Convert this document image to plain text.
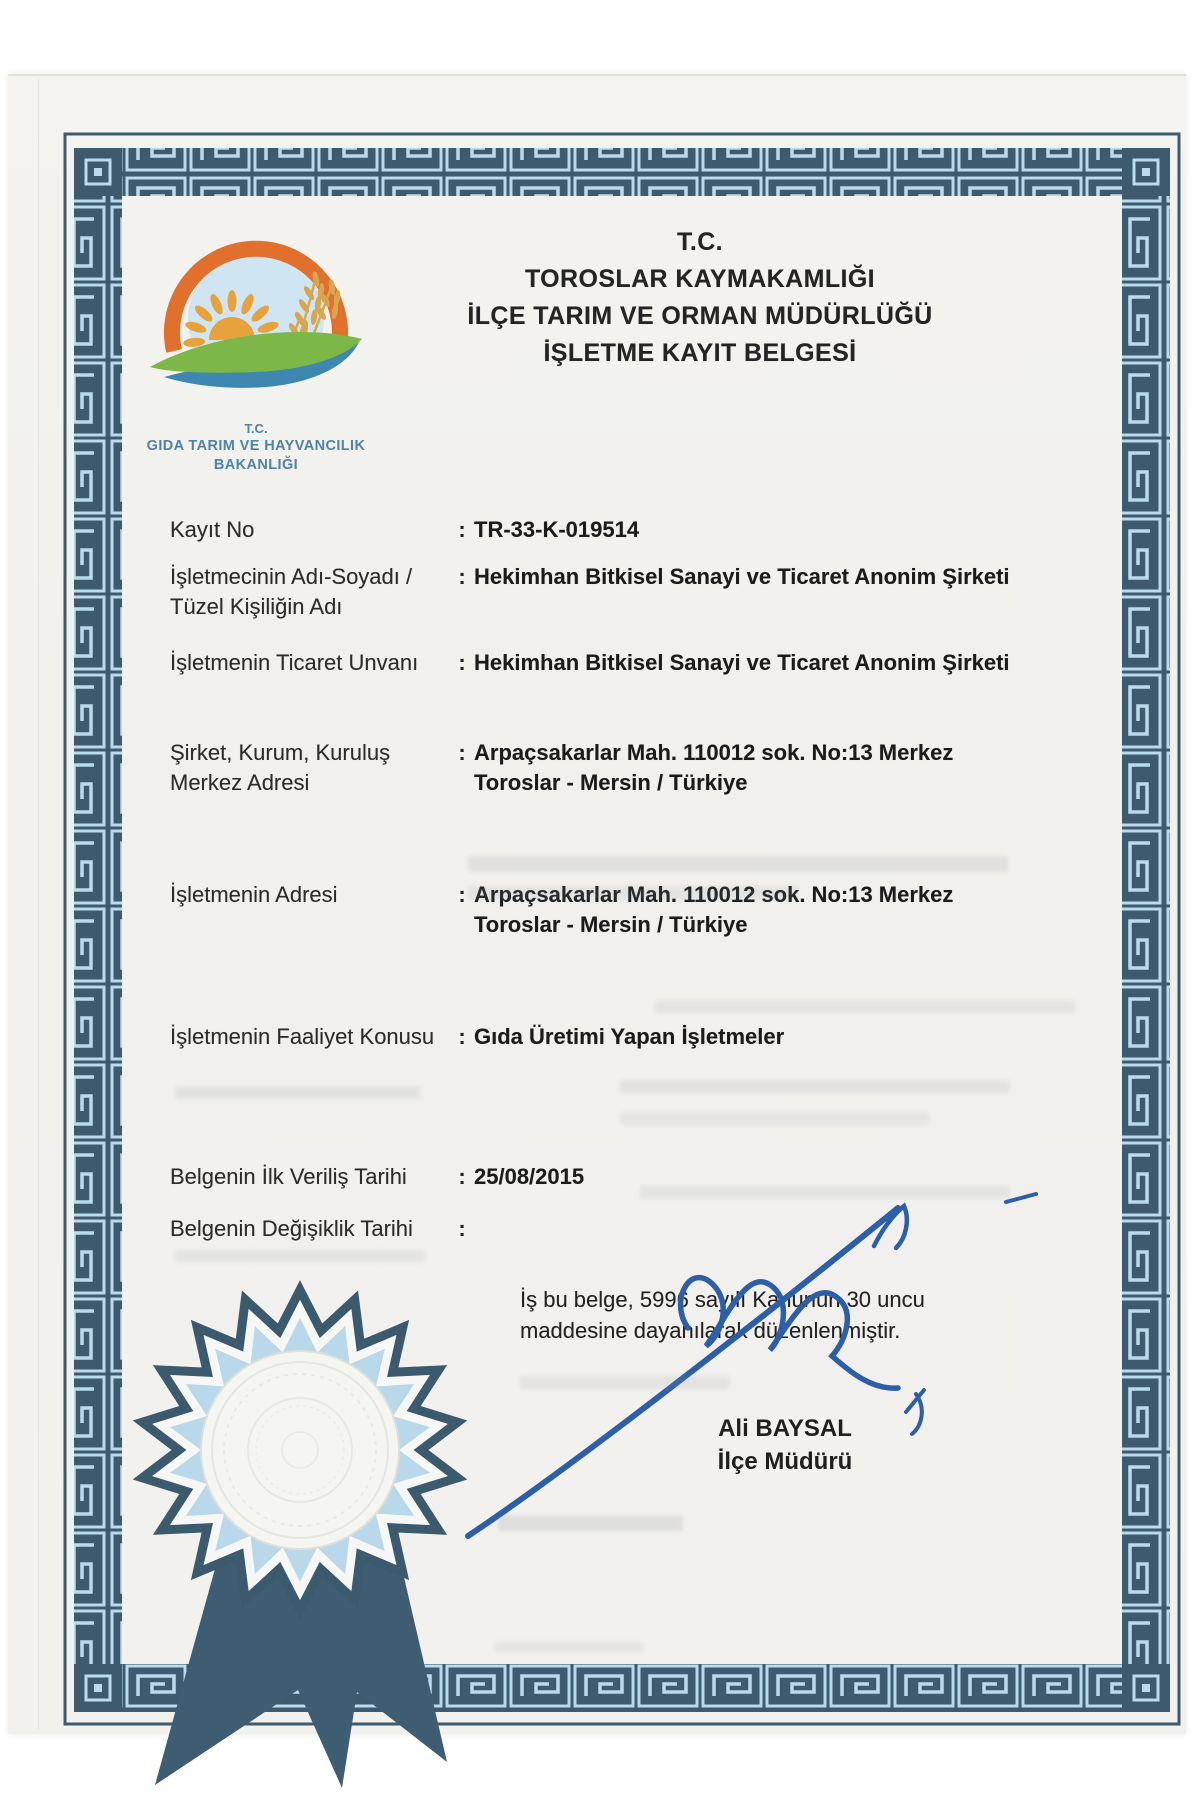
T.C.
GIDA TARIM VE HAYVANCILIK
BAKANLIĞI
T.C.
TOROSLAR KAYMAKAMLIĞI
İLÇE TARIM VE ORMAN MÜDÜRLÜĞÜ
İŞLETME KAYIT BELGESİ
Kayıt No	: TR-33-K-019514
İşletmecinin Adı-Soyadı / Tüzel Kişiliğin Adı
: Hekimhan Bitkisel Sanayi ve Ticaret Anonim Şirketi
İşletmenin Ticaret Unvanı	: Hekimhan Bitkisel Sanayi ve Ticaret Anonim Şirketi
Şirket, Kurum, Kuruluş Merkez Adresi
: Arpaçsakarlar Mah. 110012 sok. No:13 Merkez Toroslar - Mersin / Türkiye
İşletmenin Adresi	: Arpaçsakarlar Mah. 110012 sok. No:13 Merkez Toroslar - Mersin / Türkiye
İşletmenin Faaliyet Konusu	: Gıda Üretimi Yapan İşletmeler
Belgenin İlk Veriliş Tarihi	: 25/08/2015
Belgenin Değişiklik Tarihi	:
İş bu belge, 5996 sayılı Kanunun 30 uncu maddesine dayanılarak düzenlenmiştir.
Ali BAYSAL
İlçe Müdürü
